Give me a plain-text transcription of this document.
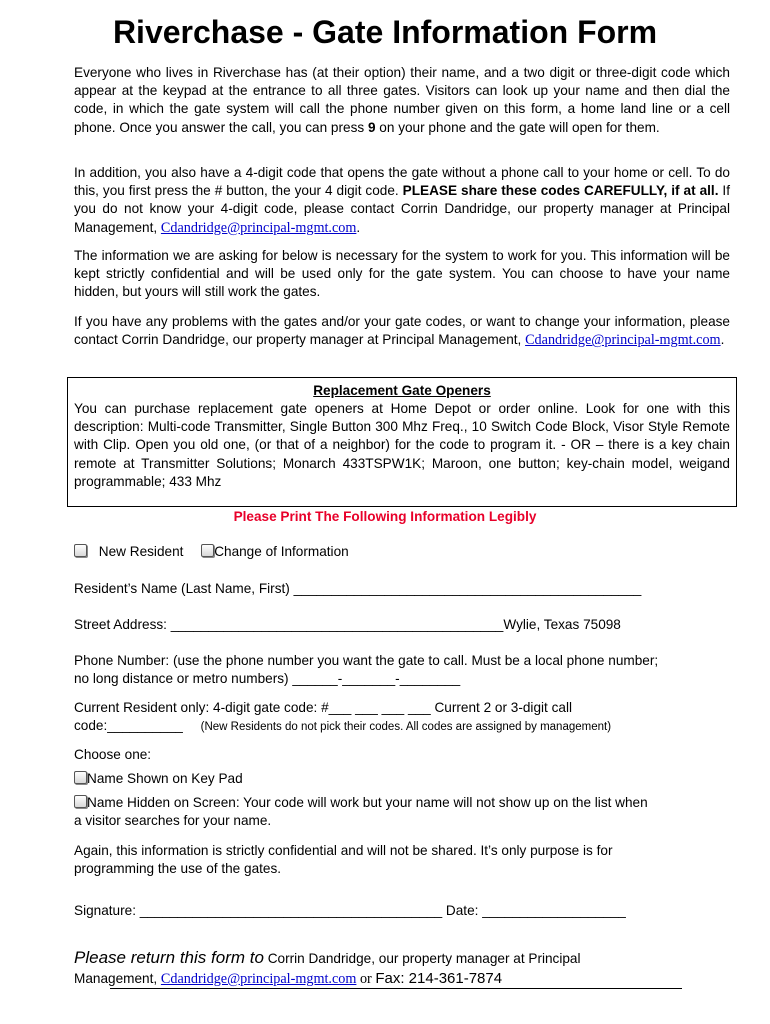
Riverchase - Gate Information Form

Everyone who lives in Riverchase has (at their option) their name, and a two digit or three-digit code which appear at the keypad at the entrance to all three gates. Visitors can look up your name and then dial the code, in which the gate system will call the phone number given on this form, a home land line or a cell phone. Once you answer the call, you can press 9 on your phone and the gate will open for them.

In addition, you also have a 4-digit code that opens the gate without a phone call to your home or cell. To do this, you first press the # button, the your 4 digit code. PLEASE share these codes CAREFULLY, if at all. If you do not know your 4-digit code, please contact Corrin Dandridge, our property manager at Principal Management, Cdandridge@principal-mgmt.com.

The information we are asking for below is necessary for the system to work for you. This information will be kept strictly confidential and will be used only for the gate system. You can choose to have your name hidden, but yours will still work the gates.

If you have any problems with the gates and/or your gate codes, or want to change your information, please contact Corrin Dandridge, our property manager at Principal Management, Cdandridge@principal-mgmt.com.

Replacement Gate Openers

You can purchase replacement gate openers at Home Depot or order online. Look for one with this description: Multi-code Transmitter, Single Button 300 Mhz Freq., 10 Switch Code Block, Visor Style Remote with Clip. Open you old one, (or that of a neighbor) for the code to program it. - OR – there is a key chain remote at Transmitter Solutions; Monarch 433TSPW1K; Maroon, one button; key-chain model, weigand programmable; 433 Mhz

Please Print The Following Information Legibly
New Resident Change of Information
Resident’s Name (Last Name, First) ______________________________________________
Street Address: ____________________________________________Wylie, Texas 75098
Phone Number: (use the phone number you want the gate to call. Must be a local phone number;
no long distance or metro numbers) ______-_______-________
Current Resident only: 4-digit gate code: #___ ___ ___ ___ Current 2 or 3-digit call
code:__________ (New Residents do not pick their codes. All codes are assigned by management)
Choose one:
Name Shown on Key Pad
Name Hidden on Screen: Your code will work but your name will not show up on the list when
a visitor searches for your name.
Again, this information is strictly confidential and will not be shared. It’s only purpose is for
programming the use of the gates.
Signature: ________________________________________ Date: ___________________
Please return this form to Corrin Dandridge, our property manager at Principal
Management, Cdandridge@principal-mgmt.com or Fax: 214-361-7874
